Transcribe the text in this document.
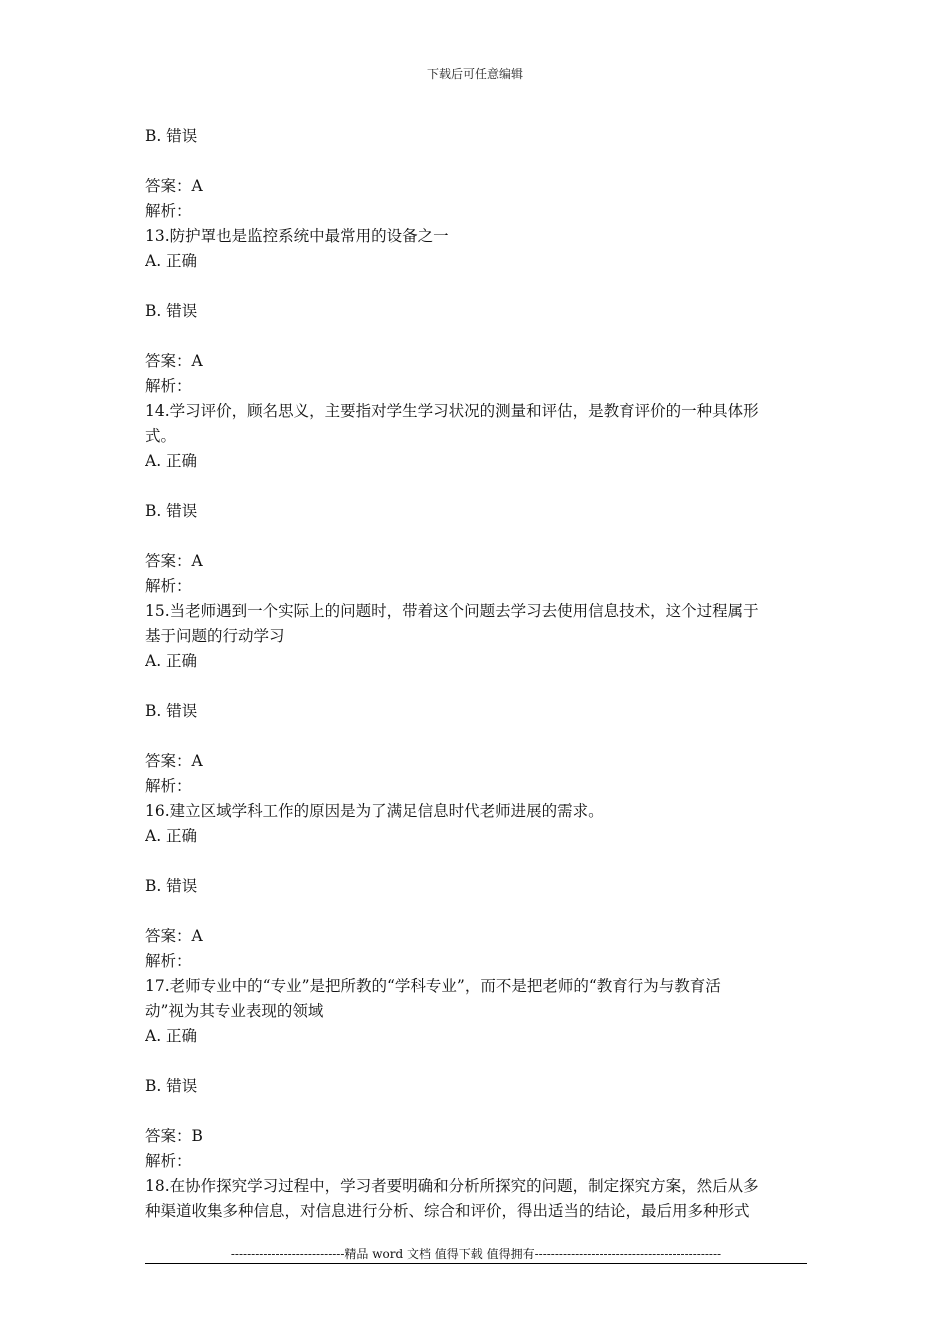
下载后可任意编辑
B. 错误
答案：A
解析：
13.防护罩也是监控系统中最常用的设备之一
A. 正确
B. 错误
答案：A
解析：
14.学习评价，顾名思义，主要指对学生学习状况的测量和评估，是教育评价的一种具体形
式。
A. 正确
B. 错误
答案：A
解析：
15.当老师遇到一个实际上的问题时，带着这个问题去学习去使用信息技术，这个过程属于
基于问题的行动学习
A. 正确
B. 错误
答案：A
解析：
16.建立区域学科工作的原因是为了满足信息时代老师进展的需求。
A. 正确
B. 错误
答案：A
解析：
17.老师专业中的“专业”是把所教的“学科专业”，而不是把老师的“教育行为与教育活
动”视为其专业表现的领域
A. 正确
B. 错误
答案：B
解析：
18.在协作探究学习过程中，学习者要明确和分析所探究的问题，制定探究方案，然后从多
种渠道收集多种信息，对信息进行分析、综合和评价，得出适当的结论，最后用多种形式
----------------------------精品 word 文档 值得下载 值得拥有----------------------------------------------
